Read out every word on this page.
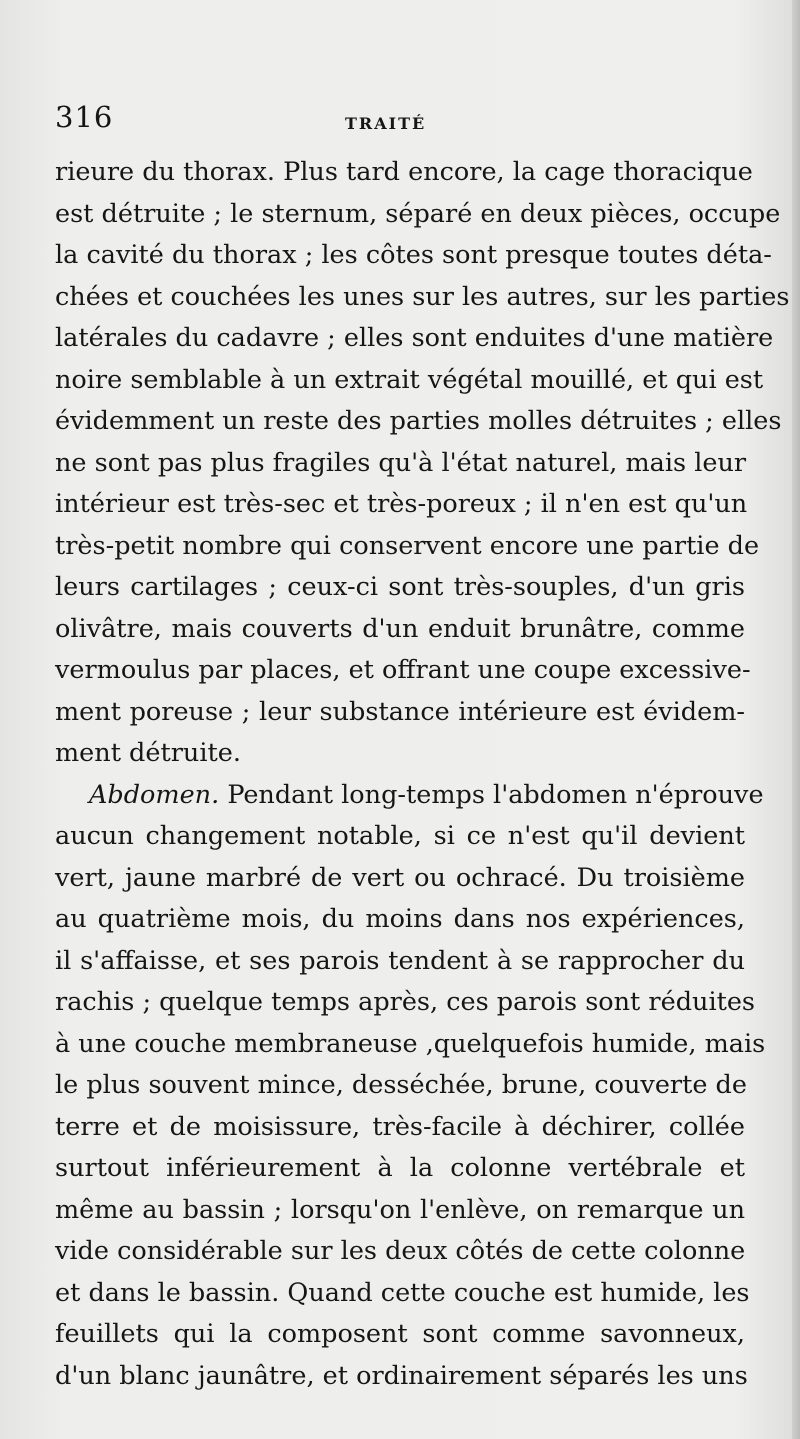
316	TRAITÉ
rieure du thorax. Plus tard encore, la cage thoracique
est détruite ; le sternum, séparé en deux pièces, occupe
la cavité du thorax ; les côtes sont presque toutes déta-
chées et couchées les unes sur les autres, sur les parties
latérales du cadavre ; elles sont enduites d'une matière
noire semblable à un extrait végétal mouillé, et qui est
évidemment un reste des parties molles détruites ; elles
ne sont pas plus fragiles qu'à l'état naturel, mais leur
intérieur est très-sec et très-poreux ; il n'en est qu'un
très-petit nombre qui conservent encore une partie de
leurs cartilages ; ceux-ci sont très-souples, d'un gris
olivâtre, mais couverts d'un enduit brunâtre, comme
vermoulus par places, et offrant une coupe excessive-
ment poreuse ; leur substance intérieure est évidem-
ment détruite.
Abdomen. Pendant long-temps l'abdomen n'éprouve
aucun changement notable, si ce n'est qu'il devient
vert, jaune marbré de vert ou ochracé. Du troisième
au quatrième mois, du moins dans nos expériences,
il s'affaisse, et ses parois tendent à se rapprocher du
rachis ; quelque temps après, ces parois sont réduites
à une couche membraneuse ,quelquefois humide, mais
le plus souvent mince, desséchée, brune, couverte de
terre et de moisissure, très-facile à déchirer, collée
surtout inférieurement à la colonne vertébrale et
même au bassin ; lorsqu'on l'enlève, on remarque un
vide considérable sur les deux côtés de cette colonne
et dans le bassin. Quand cette couche est humide, les
feuillets qui la composent sont comme savonneux,
d'un blanc jaunâtre, et ordinairement séparés les uns
